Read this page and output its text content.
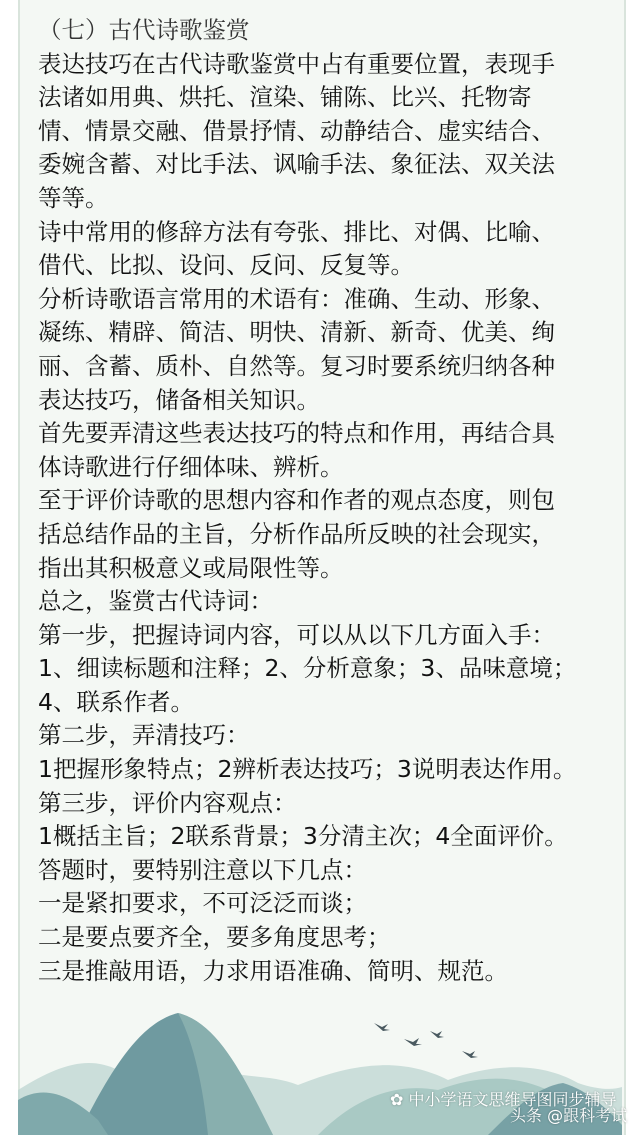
（七）古代诗歌鉴赏

表达技巧在古代诗歌鉴赏中占有重要位置，表现手

法诸如用典、烘托、渲染、铺陈、比兴、托物寄

情、情景交融、借景抒情、动静结合、虚实结合、

委婉含蓄、对比手法、讽喻手法、象征法、双关法

等等。

诗中常用的修辞方法有夸张、排比、对偶、比喻、

借代、比拟、设问、反问、反复等。

分析诗歌语言常用的术语有：准确、生动、形象、

凝练、精辟、简洁、明快、清新、新奇、优美、绚

丽、含蓄、质朴、自然等。复习时要系统归纳各种

表达技巧，储备相关知识。

首先要弄清这些表达技巧的特点和作用，再结合具

体诗歌进行仔细体味、辨析。

至于评价诗歌的思想内容和作者的观点态度，则包

括总结作品的主旨，分析作品所反映的社会现实，

指出其积极意义或局限性等。

总之，鉴赏古代诗词：

第一步，把握诗词内容，可以从以下几方面入手：

1、细读标题和注释；2、分析意象；3、品味意境；

4、联系作者。

第二步，弄清技巧：

1把握形象特点；2辨析表达技巧；3说明表达作用。

第三步，评价内容观点：

1概括主旨；2联系背景；3分清主次；4全面评价。

答题时，要特别注意以下几点：

一是紧扣要求，不可泛泛而谈；

二是要点要齐全，要多角度思考；

三是推敲用语，力求用语准确、简明、规范。

✿ 中小学语文思维导图同步辅导
头条 @跟科考试
